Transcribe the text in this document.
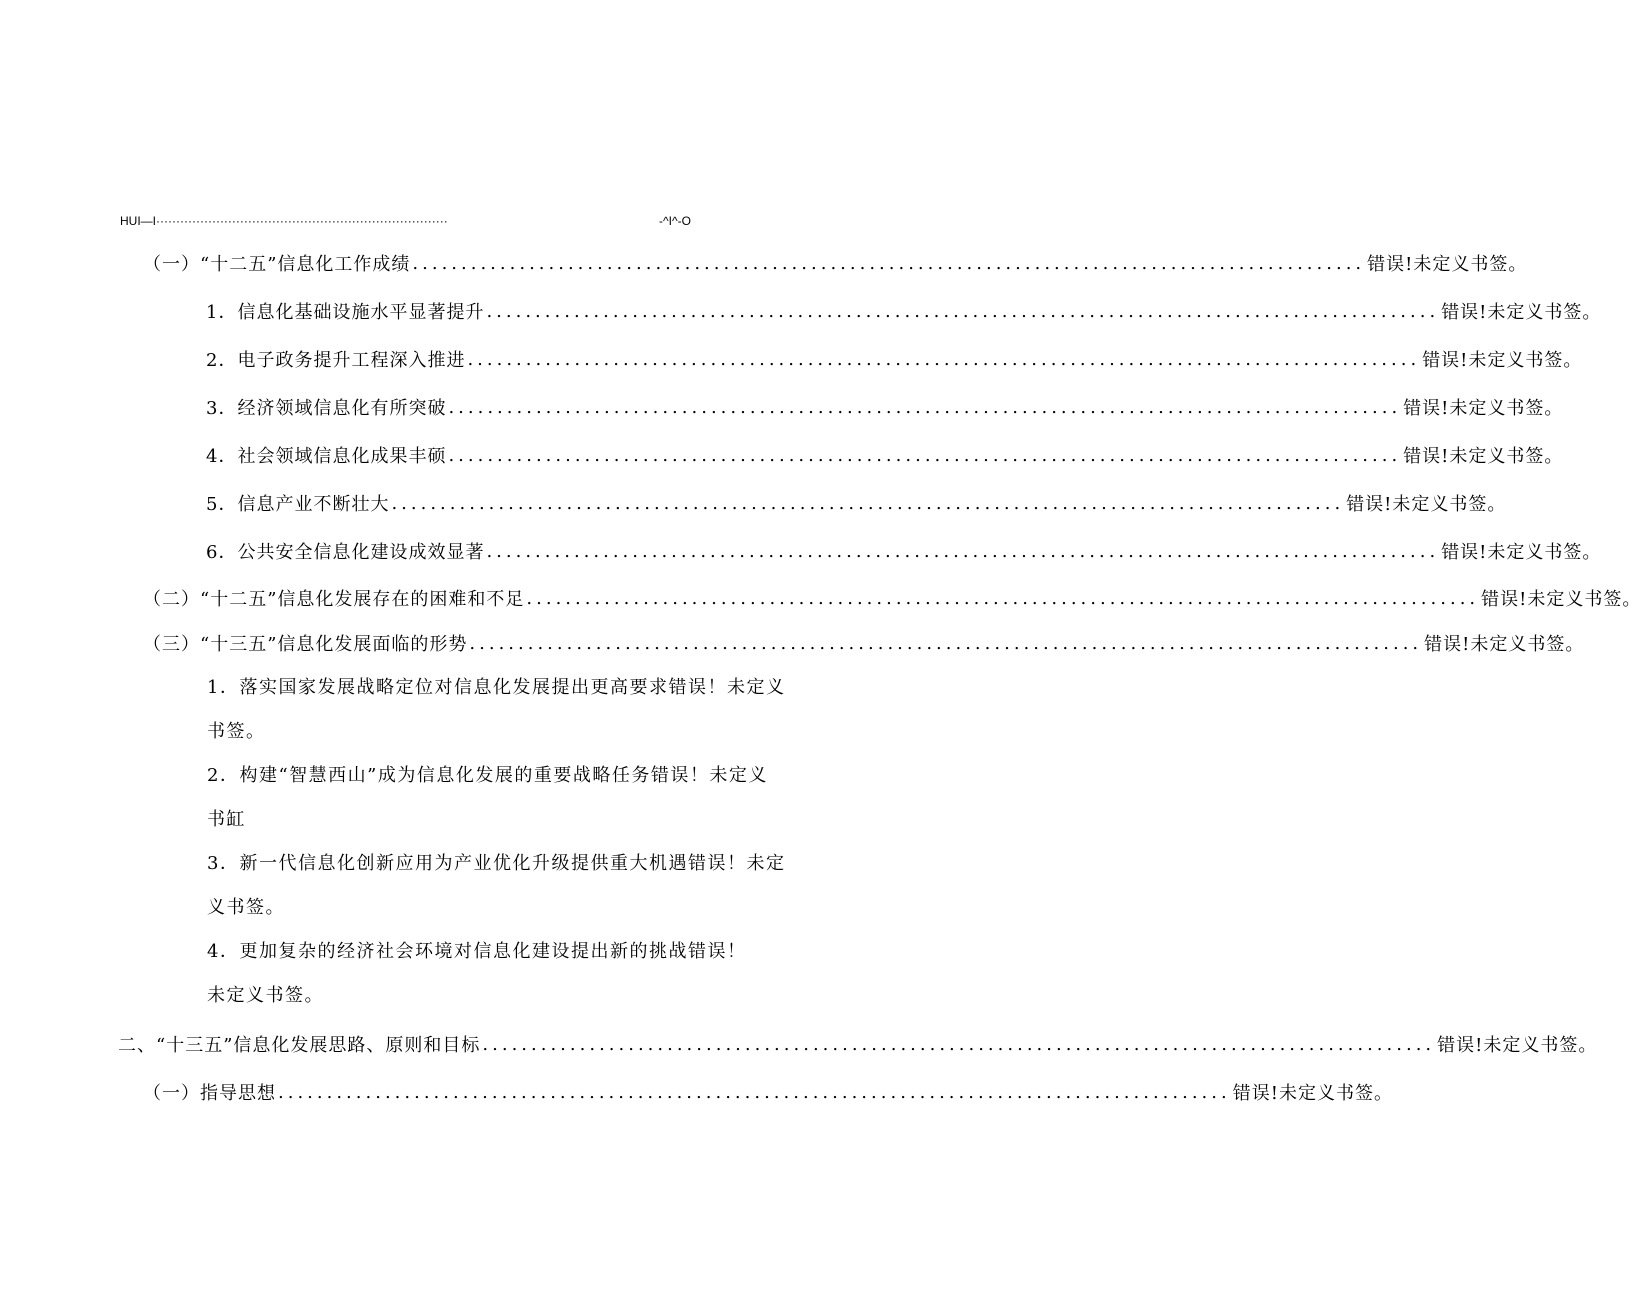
HUI—I·········································································	-^I^-O
（一）“十二五”信息化工作成绩 .................................................................................................. 错误!未定义书签。
1．信息化基础设施水平显著提升 .................................................................................................. 错误!未定义书签。
2．电子政务提升工程深入推进 .................................................................................................. 错误!未定义书签。
3．经济领域信息化有所突破 .................................................................................................. 错误!未定义书签。
4．社会领域信息化成果丰硕 .................................................................................................. 错误!未定义书签。
5．信息产业不断壮大 .................................................................................................. 错误!未定义书签。
6．公共安全信息化建设成效显著 .................................................................................................. 错误!未定义书签。
（二）“十二五”信息化发展存在的困难和不足 .................................................................................................. 错误!未定义书签。
（三）“十三五”信息化发展面临的形势 .................................................................................................. 错误!未定义书签。
1．落实国家发展战略定位对信息化发展提出更高要求错误！未定义
书签。
2．构建“智慧西山”成为信息化发展的重要战略任务错误！未定义
书缸
3．新一代信息化创新应用为产业优化升级提供重大机遇错误！未定
义书签。
4．更加复杂的经济社会环境对信息化建设提出新的挑战错误！
未定义书签。
二、“十三五”信息化发展思路、原则和目标 .................................................................................................. 错误!未定义书签。
（一）指导思想 .................................................................................................. 错误!未定义书签。
